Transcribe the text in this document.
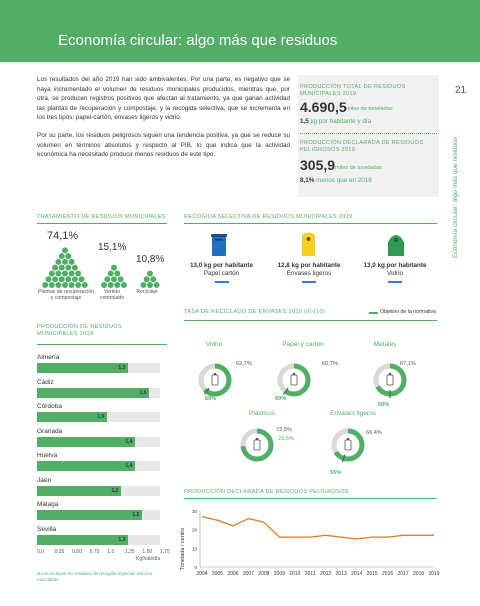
Economía circular: algo más que residuos
21
Economía circular: algo más que residuos

Los resultados del año 2019 han sido ambivalentes. Por una parte, es negativo que se haya incrementado el volumen de residuos municipales producidos, mientras que, por otra, se producen registros positivos que afectan al tratamiento, ya que ganan actividad las plantas de recuperación y compostaje, y la recogida selectiva, que se incrementa en los tres tipos: papel-cartón, envases ligeros y vidrio.

Por su parte, los residuos peligrosos siguen una tendencia positiva, ya que se reduce su volumen en términos absolutos y respecto al PIB, lo que indica que la actividad económica ha necesitado producir menos residuos de este tipo.

PRODUCCIÓN TOTAL DE RESIDUOS MUNICIPALES 2019
4.690,5 miles de toneladas
1,5 kg por habitante y día
PRODUCCIÓN DECLARADA DE RESIDUOS PELIGROSOS 2019
305,9 miles de toneladas
8,1% menos que en 2018
TRATAMIENTO DE RESIDUOS MUNICIPALES
74,1%
15,1%
10,8%
Plantas de recuperación y compostaje
Vertido controlado
Reciclaje
PRODUCCIÓN DE RESIDUOS MUNICIPALES 2019
Almería
1,3
Cádiz
1,6
Córdoba
1,0
Granada
1,4
Huelva
1,4
Jaén
1,2
Málaga
1,5
Sevilla
1,3
0,0 0,25 0,50 0,75 1,0 1,25 1,50 1,75
Kg/hab/día
No se incluyen los residuos de recogida especial, sólo los mezclados.
RECOGIDA SELECTIVA DE RESIDUOS MUNICIPALES 2019
13,0 kg por habitante
Papel cartón
12,8 kg por habitante
Envases ligeros
13,0 kg por habitante
Vidrio
TASA DE RECICLADO DE ENVASES 2019 (9)-(10)	Objetivo de la normativa
Vidrio	Papel y cartón	Metales
Plásticos	Envases ligeros
62,7%
60%
60,7%
60%
67,1%
50%
73,5%
22,5%
66,4%
55%
PRODUCCIÓN DECLARADA DE RESIDUOS PELIGROSOS
Tonelada / centro
30
20
10
0
2004 2005 2006 2007 2008 2009 2010 2011 2012 2013 2014 2015 2016 2017 2018 2019
